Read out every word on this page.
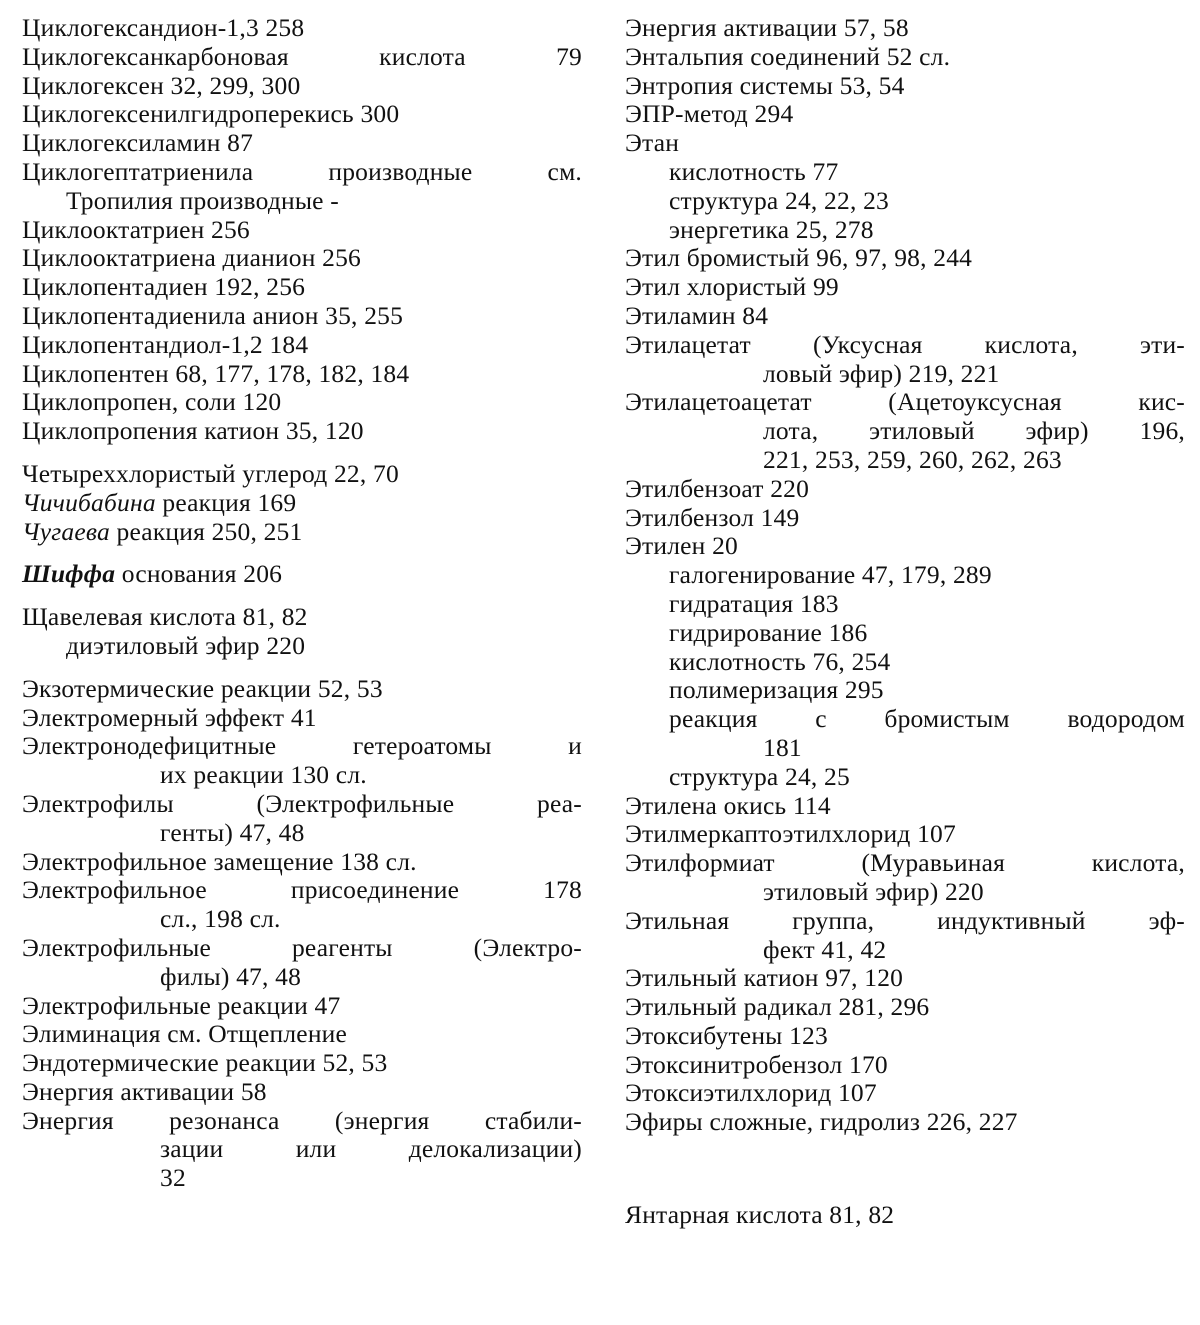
Циклогександион-1,3 258
Циклогексанкарбоновая кислота 79
Циклогексен 32, 299, 300
Циклогексенилгидроперекись 300
Циклогексиламин 87
Циклогептатриенила производные см.
Тропилия производные -
Циклооктатриен 256
Циклооктатриена дианион 256
Циклопентадиен 192, 256
Циклопентадиенила анион 35, 255
Циклопентандиол-1,2 184
Циклопентен 68, 177, 178, 182, 184
Циклопропен, соли 120
Циклопропения катион 35, 120
Четыреххлористый углерод 22, 70
Чичибабина реакция 169
Чугаева реакция 250, 251
Шиффа основания 206
Щавелевая кислота 81, 82
диэтиловый эфир 220
Экзотермические реакции 52, 53
Электромерный эффект 41
Электронодефицитные гетероатомы и
их реакции 130 сл.
Электрофилы (Электрофильные реа-
генты) 47, 48
Электрофильное замещение 138 сл.
Электрофильное присоединение 178
сл., 198 сл.
Электрофильные реагенты (Электро-
филы) 47, 48
Электрофильные реакции 47
Элиминация см. Отщепление
Эндотермические реакции 52, 53
Энергия активации 58
Энергия резонанса (энергия стабили-
зации или делокализации)
32
Энергия активации 57, 58
Энтальпия соединений 52 сл.
Энтропия системы 53, 54
ЭПР-метод 294
Этан
кислотность 77
структура 24, 22, 23
энергетика 25, 278
Этил бромистый 96, 97, 98, 244
Этил хлористый 99
Этиламин 84
Этилацетат (Уксусная кислота, эти-
ловый эфир) 219, 221
Этилацетоацетат (Ацетоуксусная кис-
лота, этиловый эфир) 196,
221, 253, 259, 260, 262, 263
Этилбензоат 220
Этилбензол 149
Этилен 20
галогенирование 47, 179, 289
гидратация 183
гидрирование 186
кислотность 76, 254
полимеризация 295
реакция с бромистым водородом
181
структура 24, 25
Этилена окись 114
Этилмеркаптоэтилхлорид 107
Этилформиат (Муравьиная кислота,
этиловый эфир) 220
Этильная группа, индуктивный эф-
фект 41, 42
Этильный катион 97, 120
Этильный радикал 281, 296
Этоксибутены 123
Этоксинитробензол 170
Этоксиэтилхлорид 107
Эфиры сложные, гидролиз 226, 227
Янтарная кислота 81, 82
